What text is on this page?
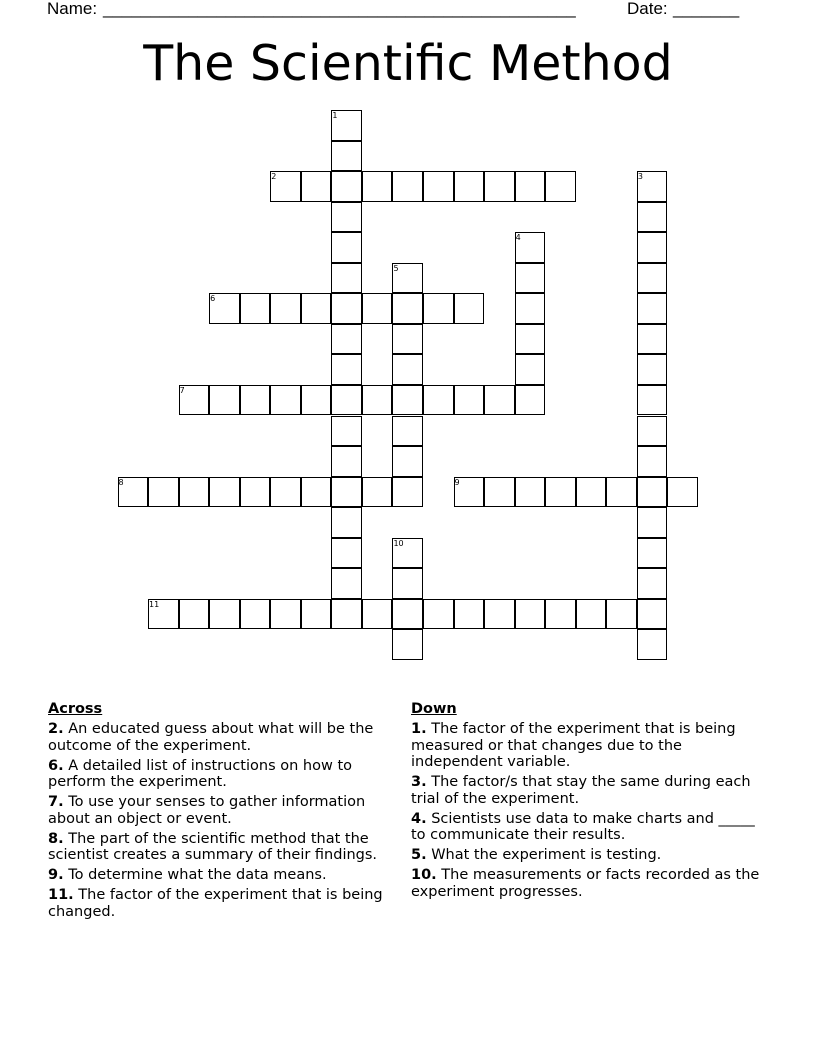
Name: __________________________________________________	Date: _______
The Scientific Method
1
2	3
4
5
6
7
8	9
10
11
Across
2. An educated guess about what will be the outcome of the experiment.
6. A detailed list of instructions on how to perform the experiment.
7. To use your senses to gather information about an object or event.
8. The part of the scientific method that the scientist creates a summary of their findings.
9. To determine what the data means.
11. The factor of the experiment that is being changed.
Down
1. The factor of the experiment that is being measured or that changes due to the independent variable.
3. The factor/s that stay the same during each trial of the experiment.
4. Scientists use data to make charts and _____ to communicate their results.
5. What the experiment is testing.
10. The measurements or facts recorded as the experiment progresses.
